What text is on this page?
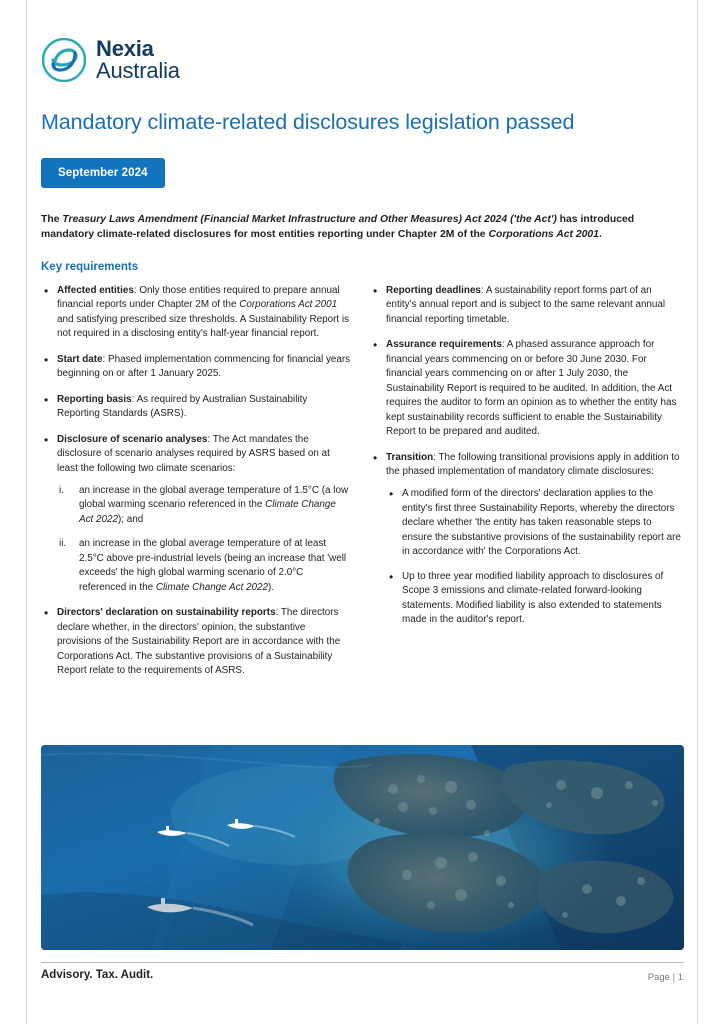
Nexia
Australia
Mandatory climate-related disclosures legislation passed
September 2024
The Treasury Laws Amendment (Financial Market Infrastructure and Other Measures) Act 2024 ('the Act') has introduced mandatory climate-related disclosures for most entities reporting under Chapter 2M of the Corporations Act 2001.
Key requirements
• Affected entities: Only those entities required to prepare annual financial reports under Chapter 2M of the Corporations Act 2001 and satisfying prescribed size thresholds. A Sustainability Report is not required in a disclosing entity's half-year financial report.
• Start date: Phased implementation commencing for financial years beginning on or after 1 January 2025.
• Reporting basis: As required by Australian Sustainability Reporting Standards (ASRS).
• Disclosure of scenario analyses: The Act mandates the disclosure of scenario analyses required by ASRS based on at least the following two climate scenarios:
i. an increase in the global average temperature of 1.5°C (a low global warming scenario referenced in the Climate Change Act 2022); and
ii. an increase in the global average temperature of at least 2.5°C above pre-industrial levels (being an increase that 'well exceeds' the high global warming scenario of 2.0°C referenced in the Climate Change Act 2022).
• Directors' declaration on sustainability reports: The directors declare whether, in the directors' opinion, the substantive provisions of the Sustainability Report are in accordance with the Corporations Act. The substantive provisions of a Sustainability Report relate to the requirements of ASRS.
• Reporting deadlines: A sustainability report forms part of an entity's annual report and is subject to the same relevant annual financial reporting timetable.
• Assurance requirements: A phased assurance approach for financial years commencing on or before 30 June 2030. For financial years commencing on or after 1 July 2030, the Sustainability Report is required to be audited. In addition, the Act requires the auditor to form an opinion as to whether the entity has kept sustainability records sufficient to enable the Sustainability Report to be prepared and audited.
• Transition: The following transitional provisions apply in addition to the phased implementation of mandatory climate disclosures:
• A modified form of the directors' declaration applies to the entity's first three Sustainability Reports, whereby the directors declare whether 'the entity has taken reasonable steps to ensure the substantive provisions of the sustainability report are in accordance with' the Corporations Act.
• Up to three year modified liability approach to disclosures of Scope 3 emissions and climate-related forward-looking statements. Modified liability is also extended to statements made in the auditor's report.
Advisory. Tax. Audit.	Page | 1
